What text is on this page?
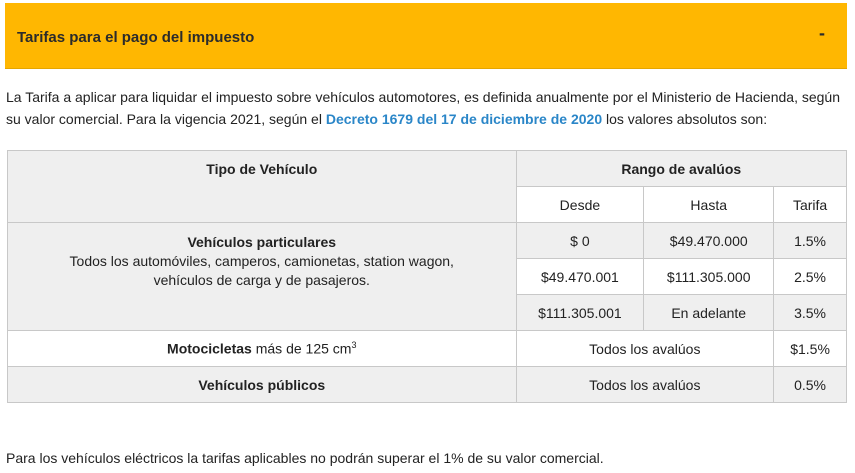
Tarifas para el pago del impuesto	-
La Tarifa a aplicar para liquidar el impuesto sobre vehículos automotores, es definida anualmente por el Ministerio de Hacienda, según su valor comercial. Para la vigencia 2021, según el Decreto 1679 del 17 de diciembre de 2020 los valores absolutos son:
Tipo de Vehículo	Rango de avalúos		
	Desde	Hasta	Tarifa
Vehículos particulares
Todos los automóviles, camperos, camionetas, station wagon, vehículos de carga y de pasajeros.	$ 0	$49.470.000	1.5%
	$49.470.001	$111.305.000	2.5%
	$111.305.001	En adelante	3.5%
Motocicletas más de 125 $cm^3$	Todos los avalúos		$1.5%
Vehículos públicos	Todos los avalúos		0.5%
Para los vehículos eléctricos la tarifas aplicables no podrán superar el 1% de su valor comercial.
